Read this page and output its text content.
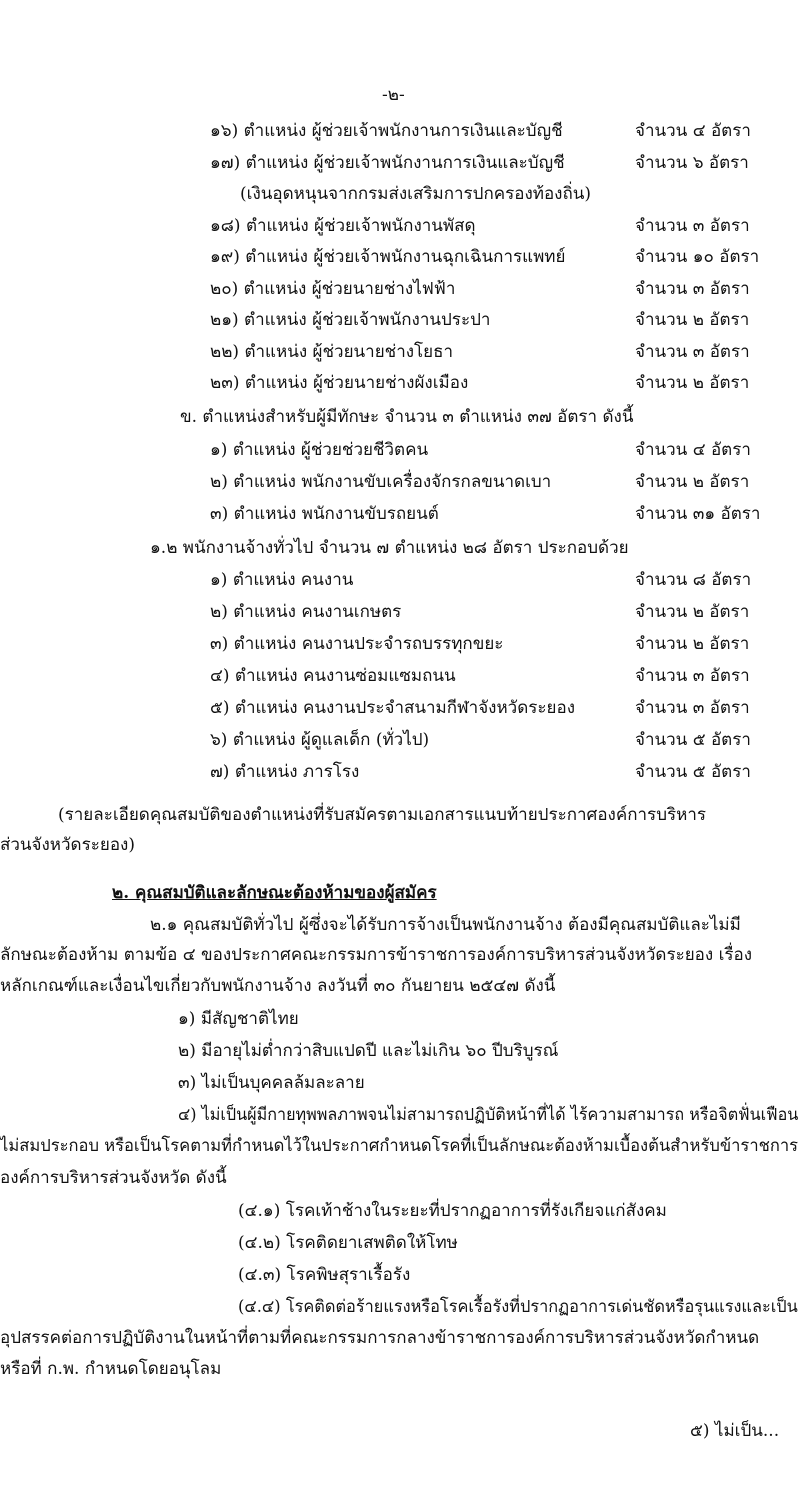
-๒-
๑๖) ตำแหน่ง ผู้ช่วยเจ้าพนักงานการเงินและบัญชี	จำนวน ๔ อัตรา
๑๗) ตำแหน่ง ผู้ช่วยเจ้าพนักงานการเงินและบัญชี	จำนวน ๖ อัตรา
(เงินอุดหนุนจากกรมส่งเสริมการปกครองท้องถิ่น)
๑๘) ตำแหน่ง ผู้ช่วยเจ้าพนักงานพัสดุ	จำนวน ๓ อัตรา
๑๙) ตำแหน่ง ผู้ช่วยเจ้าพนักงานฉุกเฉินการแพทย์	จำนวน ๑๐ อัตรา
๒๐) ตำแหน่ง ผู้ช่วยนายช่างไฟฟ้า	จำนวน ๓ อัตรา
๒๑) ตำแหน่ง ผู้ช่วยเจ้าพนักงานประปา	จำนวน ๒ อัตรา
๒๒) ตำแหน่ง ผู้ช่วยนายช่างโยธา	จำนวน ๓ อัตรา
๒๓) ตำแหน่ง ผู้ช่วยนายช่างผังเมือง	จำนวน ๒ อัตรา
ข. ตำแหน่งสำหรับผู้มีทักษะ จำนวน ๓ ตำแหน่ง ๓๗ อัตรา ดังนี้
๑) ตำแหน่ง ผู้ช่วยช่วยชีวิตคน	จำนวน ๔ อัตรา
๒) ตำแหน่ง พนักงานขับเครื่องจักรกลขนาดเบา	จำนวน ๒ อัตรา
๓) ตำแหน่ง พนักงานขับรถยนต์	จำนวน ๓๑ อัตรา
๑.๒ พนักงานจ้างทั่วไป จำนวน ๗ ตำแหน่ง ๒๘ อัตรา ประกอบด้วย
๑) ตำแหน่ง คนงาน	จำนวน ๘ อัตรา
๒) ตำแหน่ง คนงานเกษตร	จำนวน ๒ อัตรา
๓) ตำแหน่ง คนงานประจำรถบรรทุกขยะ	จำนวน ๒ อัตรา
๔) ตำแหน่ง คนงานซ่อมแซมถนน	จำนวน ๓ อัตรา
๕) ตำแหน่ง คนงานประจำสนามกีฬาจังหวัดระยอง	จำนวน ๓ อัตรา
๖) ตำแหน่ง ผู้ดูแลเด็ก (ทั่วไป)	จำนวน ๕ อัตรา
๗) ตำแหน่ง ภารโรง	จำนวน ๕ อัตรา
(รายละเอียดคุณสมบัติของตำแหน่งที่รับสมัครตามเอกสารแนบท้ายประกาศองค์การบริหาร
ส่วนจังหวัดระยอง)
๒. คุณสมบัติและลักษณะต้องห้ามของผู้สมัคร
๒.๑ คุณสมบัติทั่วไป ผู้ซึ่งจะได้รับการจ้างเป็นพนักงานจ้าง ต้องมีคุณสมบัติและไม่มี
ลักษณะต้องห้าม ตามข้อ ๔ ของประกาศคณะกรรมการข้าราชการองค์การบริหารส่วนจังหวัดระยอง เรื่อง
หลักเกณฑ์และเงื่อนไขเกี่ยวกับพนักงานจ้าง ลงวันที่ ๓๐ กันยายน ๒๕๔๗ ดังนี้
๑) มีสัญชาติไทย
๒) มีอายุไม่ต่ำกว่าสิบแปดปี และไม่เกิน ๖๐ ปีบริบูรณ์
๓) ไม่เป็นบุคคลล้มละลาย
๔) ไม่เป็นผู้มีกายทุพพลภาพจนไม่สามารถปฏิบัติหน้าที่ได้ ไร้ความสามารถ หรือจิตฟั่นเฟือน
ไม่สมประกอบ หรือเป็นโรคตามที่กำหนดไว้ในประกาศกำหนดโรคที่เป็นลักษณะต้องห้ามเบื้องต้นสำหรับข้าราชการ
องค์การบริหารส่วนจังหวัด ดังนี้
(๔.๑) โรคเท้าช้างในระยะที่ปรากฏอาการที่รังเกียจแก่สังคม
(๔.๒) โรคติดยาเสพติดให้โทษ
(๔.๓) โรคพิษสุราเรื้อรัง
(๔.๔) โรคติดต่อร้ายแรงหรือโรคเรื้อรังที่ปรากฏอาการเด่นชัดหรือรุนแรงและเป็น
อุปสรรคต่อการปฏิบัติงานในหน้าที่ตามที่คณะกรรมการกลางข้าราชการองค์การบริหารส่วนจังหวัดกำหนด
หรือที่ ก.พ. กำหนดโดยอนุโลม
๕) ไม่เป็น...
